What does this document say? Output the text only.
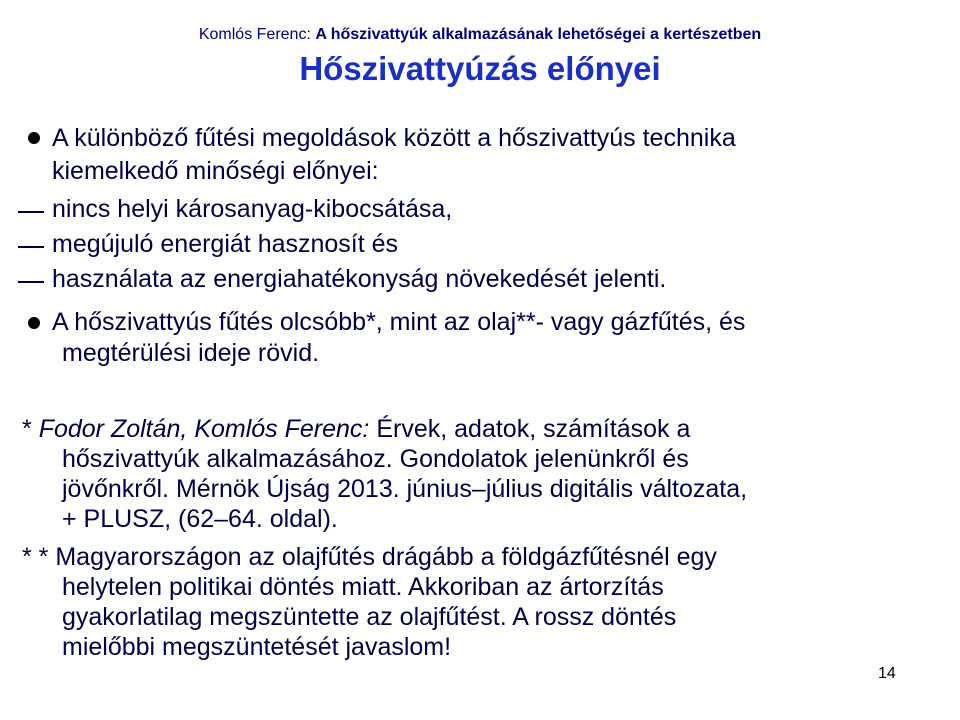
Komlós Ferenc: A hőszivattyúk alkalmazásának lehetőségei a kertészetben
Hőszivattyúzás előnyei
A különböző fűtési megoldások között a hőszivattyús technika
kiemelkedő minőségi előnyei:
nincs helyi károsanyag-kibocsátása,
megújuló energiát hasznosít és
használata az energiahatékonyság növekedését jelenti.
A hőszivattyús fűtés olcsóbb*, mint az olaj**- vagy gázfűtés, és
megtérülési ideje rövid.
* Fodor Zoltán, Komlós Ferenc: Érvek, adatok, számítások a
hőszivattyúk alkalmazásához. Gondolatok jelenünkről és
jövőnkről. Mérnök Újság 2013. június–július digitális változata,
+ PLUSZ, (62–64. oldal).
* * Magyarországon az olajfűtés drágább a földgázfűtésnél egy
helytelen politikai döntés miatt. Akkoriban az ártorzítás
gyakorlatilag megszüntette az olajfűtést. A rossz döntés
mielőbbi megszüntetését javaslom!
14
